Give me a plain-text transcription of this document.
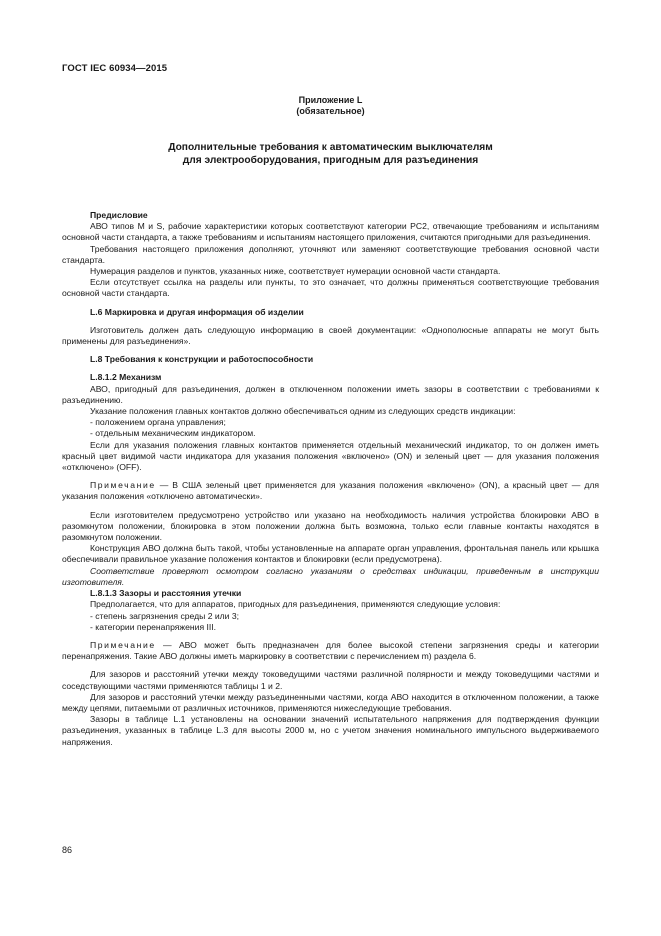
ГОСТ IEC 60934—2015
Приложение L
(обязательное)
Дополнительные требования к автоматическим выключателям
для электрооборудования, пригодным для разъединения

Предисловие

АВО типов М и S, рабочие характеристики которых соответствуют категории PC2, отвечающие требованиям и испытаниям основной части стандарта, а также требованиям и испытаниям настоящего приложения, считаются пригодными для разъединения.

Требования настоящего приложения дополняют, уточняют или заменяют соответствующие требования основной части стандарта.

Нумерация разделов и пунктов, указанных ниже, соответствует нумерации основной части стандарта.

Если отсутствует ссылка на разделы или пункты, то это означает, что должны применяться соответствующие требования основной части стандарта.

L.6 Маркировка и другая информация об изделии

Изготовитель должен дать следующую информацию в своей документации: «Однополюсные аппараты не могут быть применены для разъединения».

L.8 Требования к конструкции и работоспособности

L.8.1.2 Механизм

АВО, пригодный для разъединения, должен в отключенном положении иметь зазоры в соответствии с требованиями к разъединению.

Указание положения главных контактов должно обеспечиваться одним из следующих средств индикации:

- положением органа управления;

- отдельным механическим индикатором.

Если для указания положения главных контактов применяется отдельный механический индикатор, то он должен иметь красный цвет видимой части индикатора для указания положения «включено» (ON) и зеленый цвет — для указания положения «отключено» (OFF).

Примечание — В США зеленый цвет применяется для указания положения «включено» (ON), а красный цвет — для указания положения «отключено автоматически».

Если изготовителем предусмотрено устройство или указано на необходимость наличия устройства блокировки АВО в разомкнутом положении, блокировка в этом положении должна быть возможна, только если главные контакты находятся в разомкнутом положении.

Конструкция АВО должна быть такой, чтобы установленные на аппарате орган управления, фронтальная панель или крышка обеспечивали правильное указание положения контактов и блокировки (если предусмотрена).

Соответствие проверяют осмотром согласно указаниям о средствах индикации, приведенным в инструкции изготовителя.

L.8.1.3 Зазоры и расстояния утечки

Предполагается, что для аппаратов, пригодных для разъединения, применяются следующие условия:

- степень загрязнения среды 2 или 3;

- категории перенапряжения III.

Примечание — АВО может быть предназначен для более высокой степени загрязнения среды и категории перенапряжения. Такие АВО должны иметь маркировку в соответствии с перечислением m) раздела 6.

Для зазоров и расстояний утечки между токоведущими частями различной полярности и между токоведущими частями и соседствующими частями применяются таблицы 1 и 2.

Для зазоров и расстояний утечки между разъединенными частями, когда АВО находится в отключенном положении, а также между цепями, питаемыми от различных источников, применяются нижеследующие требования.

Зазоры в таблице L.1 установлены на основании значений испытательного напряжения для подтверждения функции разъединения, указанных в таблице L.3 для высоты 2000 м, но с учетом значения номинального импульсного выдерживаемого напряжения.

86
